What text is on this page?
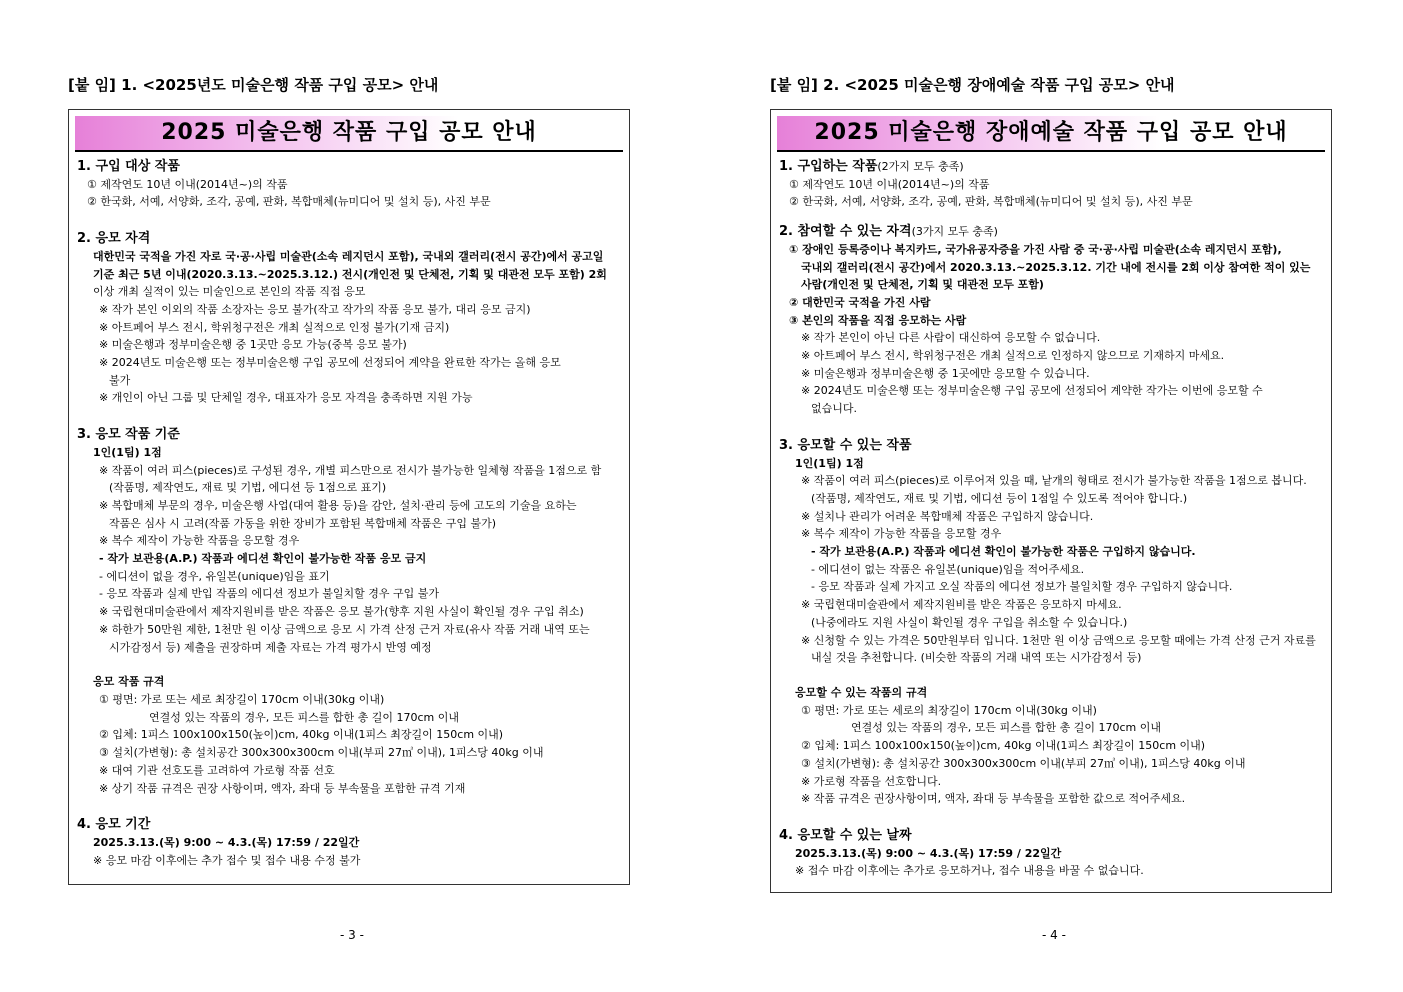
[붙 임] 1. <2025년도 미술은행 작품 구입 공모> 안내
2025 미술은행 작품 구입 공모 안내
1. 구입 대상 작품
① 제작연도 10년 이내(2014년~)의 작품
② 한국화, 서예, 서양화, 조각, 공예, 판화, 복합매체(뉴미디어 및 설치 등), 사진 부문
2. 응모 자격
대한민국 국적을 가진 자로 국·공·사립 미술관(소속 레지던시 포함), 국내외 갤러리(전시 공간)에서 공고일
기준 최근 5년 이내(2020.3.13.~2025.3.12.) 전시(개인전 및 단체전, 기획 및 대관전 모두 포함) 2회
이상 개최 실적이 있는 미술인으로 본인의 작품 직접 응모
※ 작가 본인 이외의 작품 소장자는 응모 불가(작고 작가의 작품 응모 불가, 대리 응모 금지)
※ 아트페어 부스 전시, 학위청구전은 개최 실적으로 인정 불가(기재 금지)
※ 미술은행과 정부미술은행 중 1곳만 응모 가능(중복 응모 불가)
※ 2024년도 미술은행 또는 정부미술은행 구입 공모에 선정되어 계약을 완료한 작가는 올해 응모
불가
※ 개인이 아닌 그룹 및 단체일 경우, 대표자가 응모 자격을 충족하면 지원 가능
3. 응모 작품 기준
1인(1팀) 1점
※ 작품이 여러 피스(pieces)로 구성된 경우, 개별 피스만으로 전시가 불가능한 일체형 작품을 1점으로 함
(작품명, 제작연도, 재료 및 기법, 에디션 등 1점으로 표기)
※ 복합매체 부문의 경우, 미술은행 사업(대여 활용 등)을 감안, 설치·관리 등에 고도의 기술을 요하는
작품은 심사 시 고려(작품 가동을 위한 장비가 포함된 복합매체 작품은 구입 불가)
※ 복수 제작이 가능한 작품을 응모할 경우
- 작가 보관용(A.P.) 작품과 에디션 확인이 불가능한 작품 응모 금지
- 에디션이 없을 경우, 유일본(unique)임을 표기
- 응모 작품과 실제 반입 작품의 에디션 정보가 불일치할 경우 구입 불가
※ 국립현대미술관에서 제작지원비를 받은 작품은 응모 불가(향후 지원 사실이 확인될 경우 구입 취소)
※ 하한가 50만원 제한, 1천만 원 이상 금액으로 응모 시 가격 산정 근거 자료(유사 작품 거래 내역 또는
시가감정서 등) 제출을 권장하며 제출 자료는 가격 평가시 반영 예정
응모 작품 규격
① 평면: 가로 또는 세로 최장길이 170cm 이내(30kg 이내)
연결성 있는 작품의 경우, 모든 피스를 합한 총 길이 170cm 이내
② 입체: 1피스 100x100x150(높이)cm, 40kg 이내(1피스 최장길이 150cm 이내)
③ 설치(가변형): 총 설치공간 300x300x300cm 이내(부피 27㎥ 이내), 1피스당 40kg 이내
※ 대여 기관 선호도를 고려하여 가로형 작품 선호
※ 상기 작품 규격은 권장 사항이며, 액자, 좌대 등 부속물을 포함한 규격 기재
4. 응모 기간
2025.3.13.(목) 9:00 ~ 4.3.(목) 17:59 / 22일간
※ 응모 마감 이후에는 추가 접수 및 접수 내용 수정 불가
- 3 -
[붙 임] 2. <2025 미술은행 장애예술 작품 구입 공모> 안내
2025 미술은행 장애예술 작품 구입 공모 안내
1. 구입하는 작품(2가지 모두 충족)
① 제작연도 10년 이내(2014년~)의 작품
② 한국화, 서예, 서양화, 조각, 공예, 판화, 복합매체(뉴미디어 및 설치 등), 사진 부문
2. 참여할 수 있는 자격(3가지 모두 충족)
① 장애인 등록증이나 복지카드, 국가유공자증을 가진 사람 중 국·공·사립 미술관(소속 레지던시 포함),
국내외 갤러리(전시 공간)에서 2020.3.13.~2025.3.12. 기간 내에 전시를 2회 이상 참여한 적이 있는
사람(개인전 및 단체전, 기획 및 대관전 모두 포함)
② 대한민국 국적을 가진 사람
③ 본인의 작품을 직접 응모하는 사람
※ 작가 본인이 아닌 다른 사람이 대신하여 응모할 수 없습니다.
※ 아트페어 부스 전시, 학위청구전은 개최 실적으로 인정하지 않으므로 기재하지 마세요.
※ 미술은행과 정부미술은행 중 1곳에만 응모할 수 있습니다.
※ 2024년도 미술은행 또는 정부미술은행 구입 공모에 선정되어 계약한 작가는 이번에 응모할 수
없습니다.
3. 응모할 수 있는 작품
1인(1팀) 1점
※ 작품이 여러 피스(pieces)로 이루어져 있을 때, 낱개의 형태로 전시가 불가능한 작품을 1점으로 봅니다.
(작품명, 제작연도, 재료 및 기법, 에디션 등이 1점일 수 있도록 적어야 합니다.)
※ 설치나 관리가 어려운 복합매체 작품은 구입하지 않습니다.
※ 복수 제작이 가능한 작품을 응모할 경우
- 작가 보관용(A.P.) 작품과 에디션 확인이 불가능한 작품은 구입하지 않습니다.
- 에디션이 없는 작품은 유일본(unique)임을 적어주세요.
- 응모 작품과 실제 가지고 오실 작품의 에디션 정보가 불일치할 경우 구입하지 않습니다.
※ 국립현대미술관에서 제작지원비를 받은 작품은 응모하지 마세요.
(나중에라도 지원 사실이 확인될 경우 구입을 취소할 수 있습니다.)
※ 신청할 수 있는 가격은 50만원부터 입니다. 1천만 원 이상 금액으로 응모할 때에는 가격 산정 근거 자료를
내실 것을 추천합니다. (비슷한 작품의 거래 내역 또는 시가감정서 등)
응모할 수 있는 작품의 규격
① 평면: 가로 또는 세로의 최장길이 170cm 이내(30kg 이내)
연결성 있는 작품의 경우, 모든 피스를 합한 총 길이 170cm 이내
② 입체: 1피스 100x100x150(높이)cm, 40kg 이내(1피스 최장길이 150cm 이내)
③ 설치(가변형): 총 설치공간 300x300x300cm 이내(부피 27㎥ 이내), 1피스당 40kg 이내
※ 가로형 작품을 선호합니다.
※ 작품 규격은 권장사항이며, 액자, 좌대 등 부속물을 포함한 값으로 적어주세요.
4. 응모할 수 있는 날짜
2025.3.13.(목) 9:00 ~ 4.3.(목) 17:59 / 22일간
※ 접수 마감 이후에는 추가로 응모하거나, 접수 내용을 바꿀 수 없습니다.
- 4 -
